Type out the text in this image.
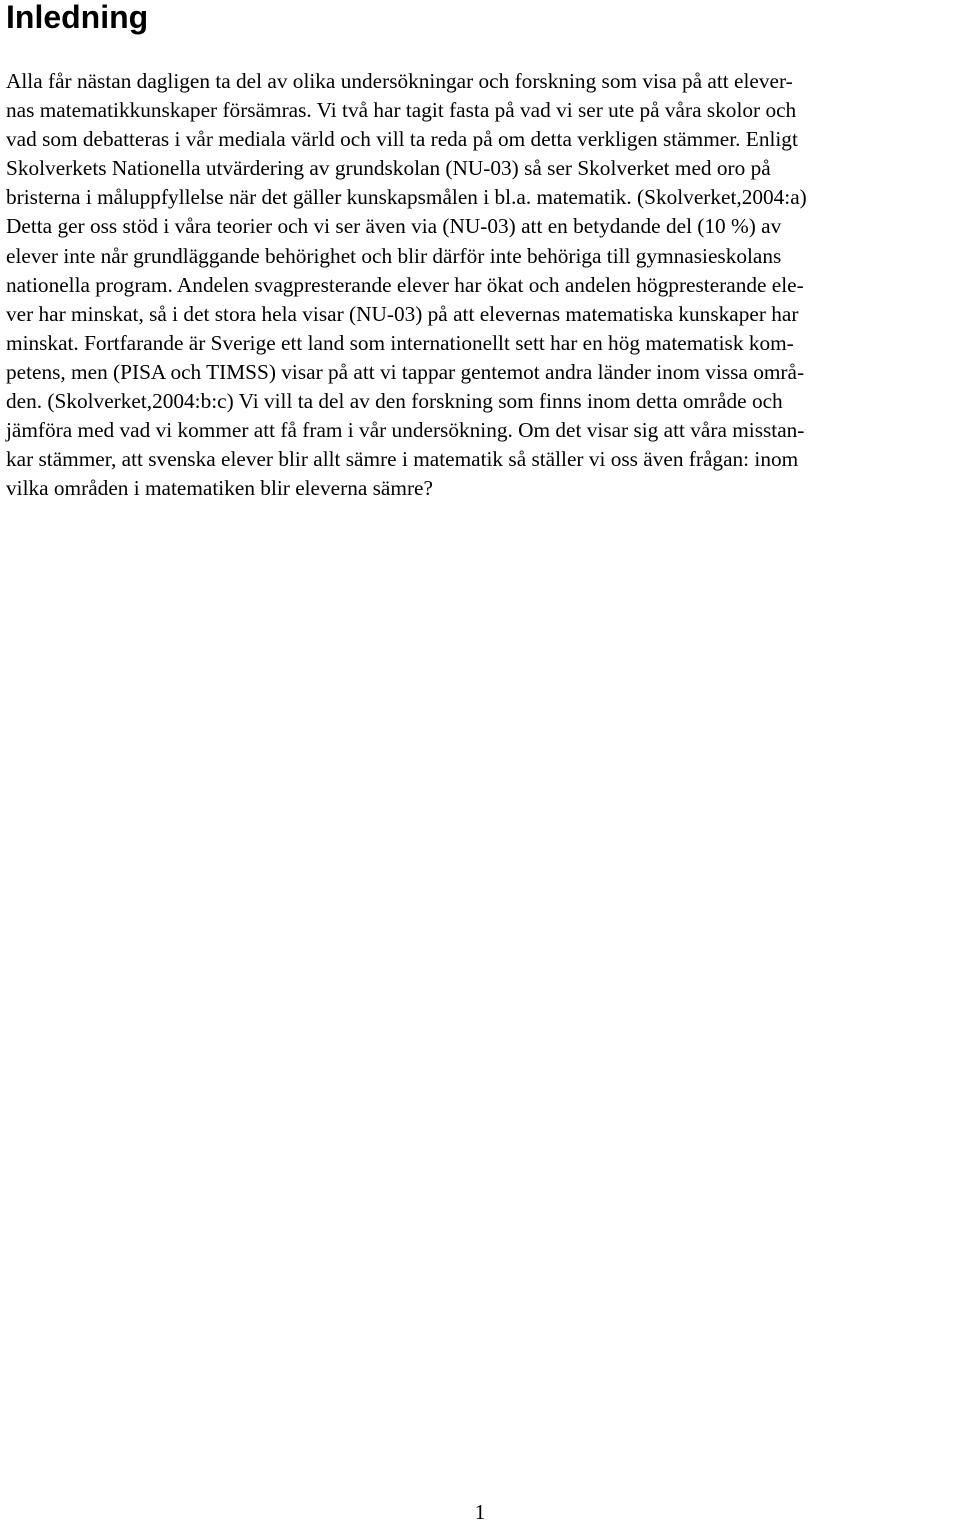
Inledning
Alla får nästan dagligen ta del av olika undersökningar och forskning som visa på att elever-
nas matematikkunskaper försämras. Vi två har tagit fasta på vad vi ser ute på våra skolor och
vad som debatteras i vår mediala värld och vill ta reda på om detta verkligen stämmer. Enligt
Skolverkets Nationella utvärdering av grundskolan (NU-03) så ser Skolverket med oro på
bristerna i måluppfyllelse när det gäller kunskapsmålen i bl.a. matematik. (Skolverket,2004:a)
Detta ger oss stöd i våra teorier och vi ser även via (NU-03) att en betydande del (10 %) av
elever inte når grundläggande behörighet och blir därför inte behöriga till gymnasieskolans
nationella program. Andelen svagpresterande elever har ökat och andelen högpresterande ele-
ver har minskat, så i det stora hela visar (NU-03) på att elevernas matematiska kunskaper har
minskat. Fortfarande är Sverige ett land som internationellt sett har en hög matematisk kom-
petens, men (PISA och TIMSS) visar på att vi tappar gentemot andra länder inom vissa områ-
den. (Skolverket,2004:b:c) Vi vill ta del av den forskning som finns inom detta område och
jämföra med vad vi kommer att få fram i vår undersökning. Om det visar sig att våra misstan-
kar stämmer, att svenska elever blir allt sämre i matematik så ställer vi oss även frågan: inom
vilka områden i matematiken blir eleverna sämre?
1
